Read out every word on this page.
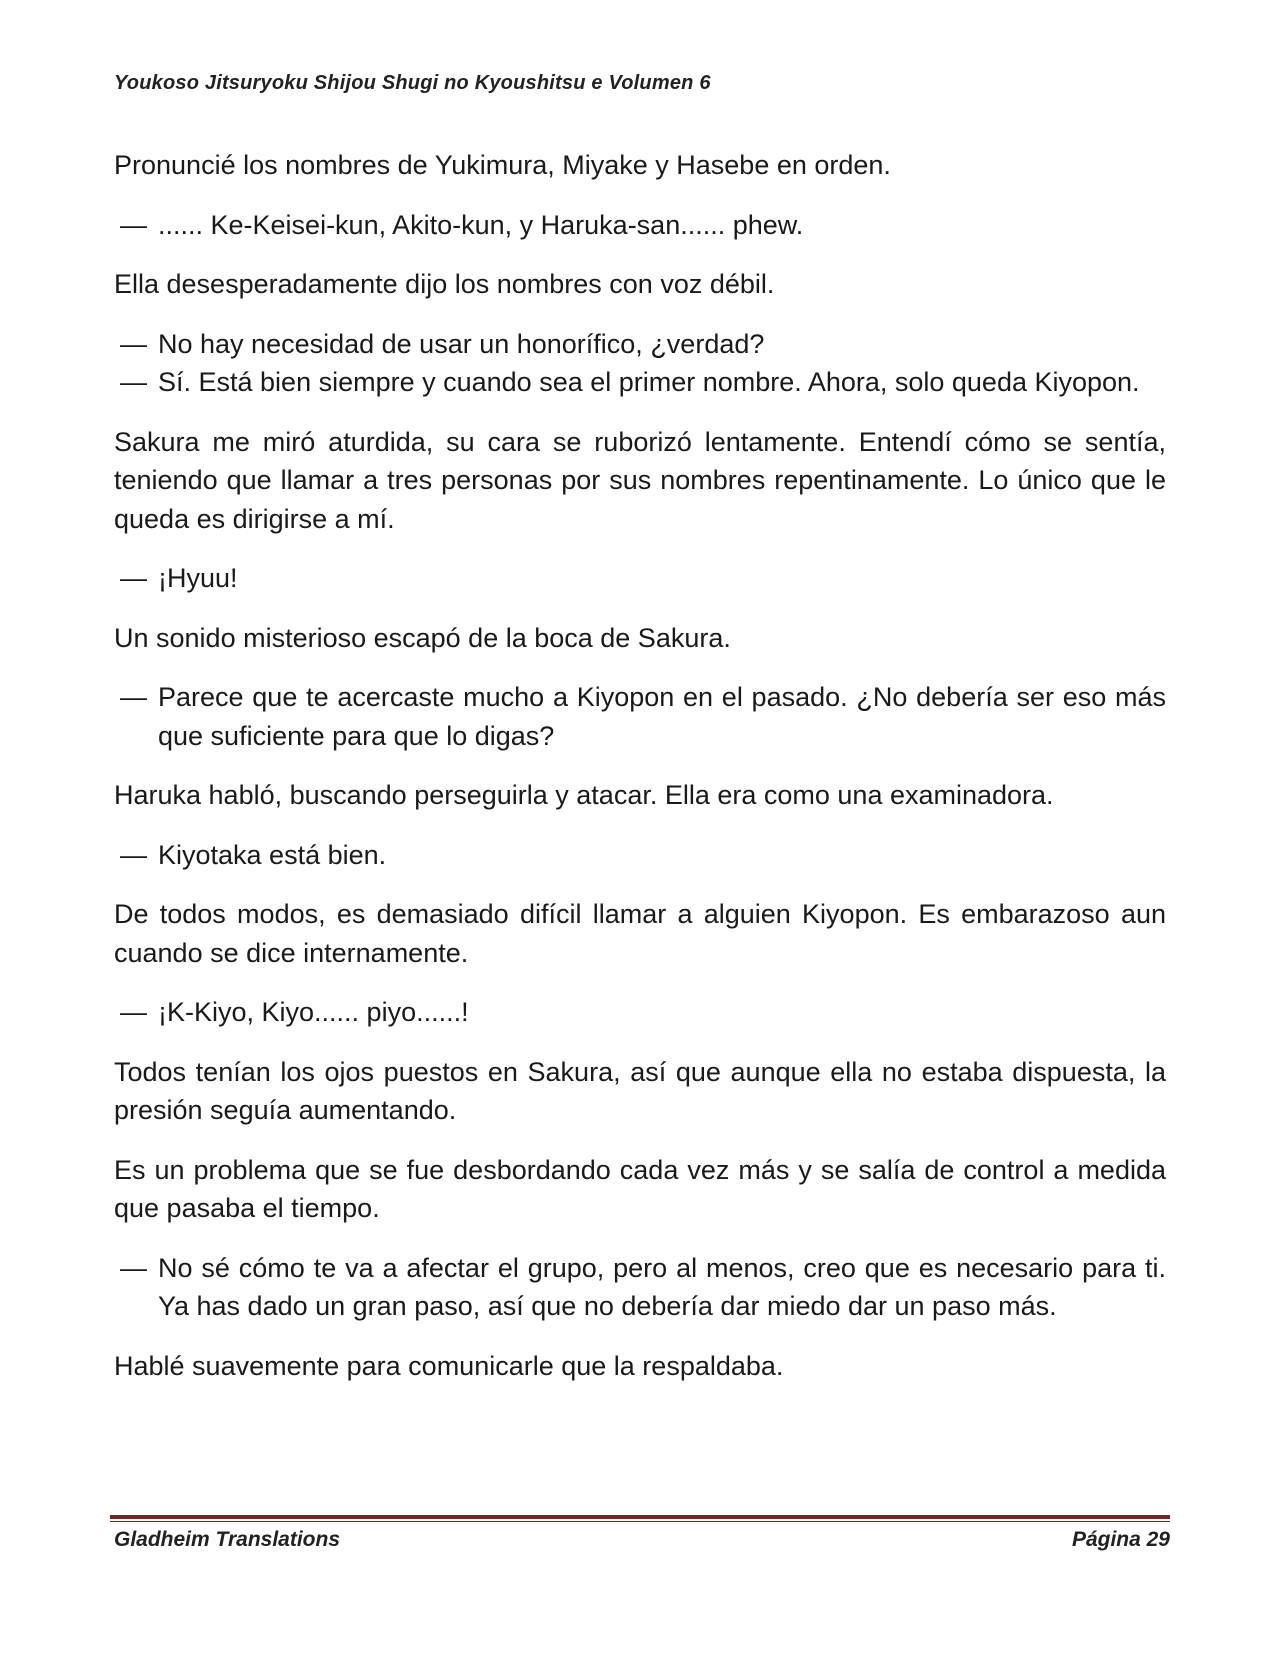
Youkoso Jitsuryoku Shijou Shugi no Kyoushitsu e Volumen 6

Pronuncié los nombres de Yukimura, Miyake y Hasebe en orden.

— ...... Ke-Keisei-kun, Akito-kun, y Haruka-san...... phew.

Ella desesperadamente dijo los nombres con voz débil.

— No hay necesidad de usar un honorífico, ¿verdad?
— Sí. Está bien siempre y cuando sea el primer nombre. Ahora, solo queda Kiyopon.

Sakura me miró aturdida, su cara se ruborizó lentamente. Entendí cómo se sentía, teniendo que llamar a tres personas por sus nombres repentinamente. Lo único que le queda es dirigirse a mí.

— ¡Hyuu!

Un sonido misterioso escapó de la boca de Sakura.

— Parece que te acercaste mucho a Kiyopon en el pasado. ¿No debería ser eso más que suficiente para que lo digas?

Haruka habló, buscando perseguirla y atacar. Ella era como una examinadora.

— Kiyotaka está bien.

De todos modos, es demasiado difícil llamar a alguien Kiyopon. Es embarazoso aun cuando se dice internamente.

— ¡K-Kiyo, Kiyo...... piyo......!

Todos tenían los ojos puestos en Sakura, así que aunque ella no estaba dispuesta, la presión seguía aumentando.

Es un problema que se fue desbordando cada vez más y se salía de control a medida que pasaba el tiempo.

— No sé cómo te va a afectar el grupo, pero al menos, creo que es necesario para ti. Ya has dado un gran paso, así que no debería dar miedo dar un paso más.

Hablé suavemente para comunicarle que la respaldaba.

Gladheim Translations	Página 29
